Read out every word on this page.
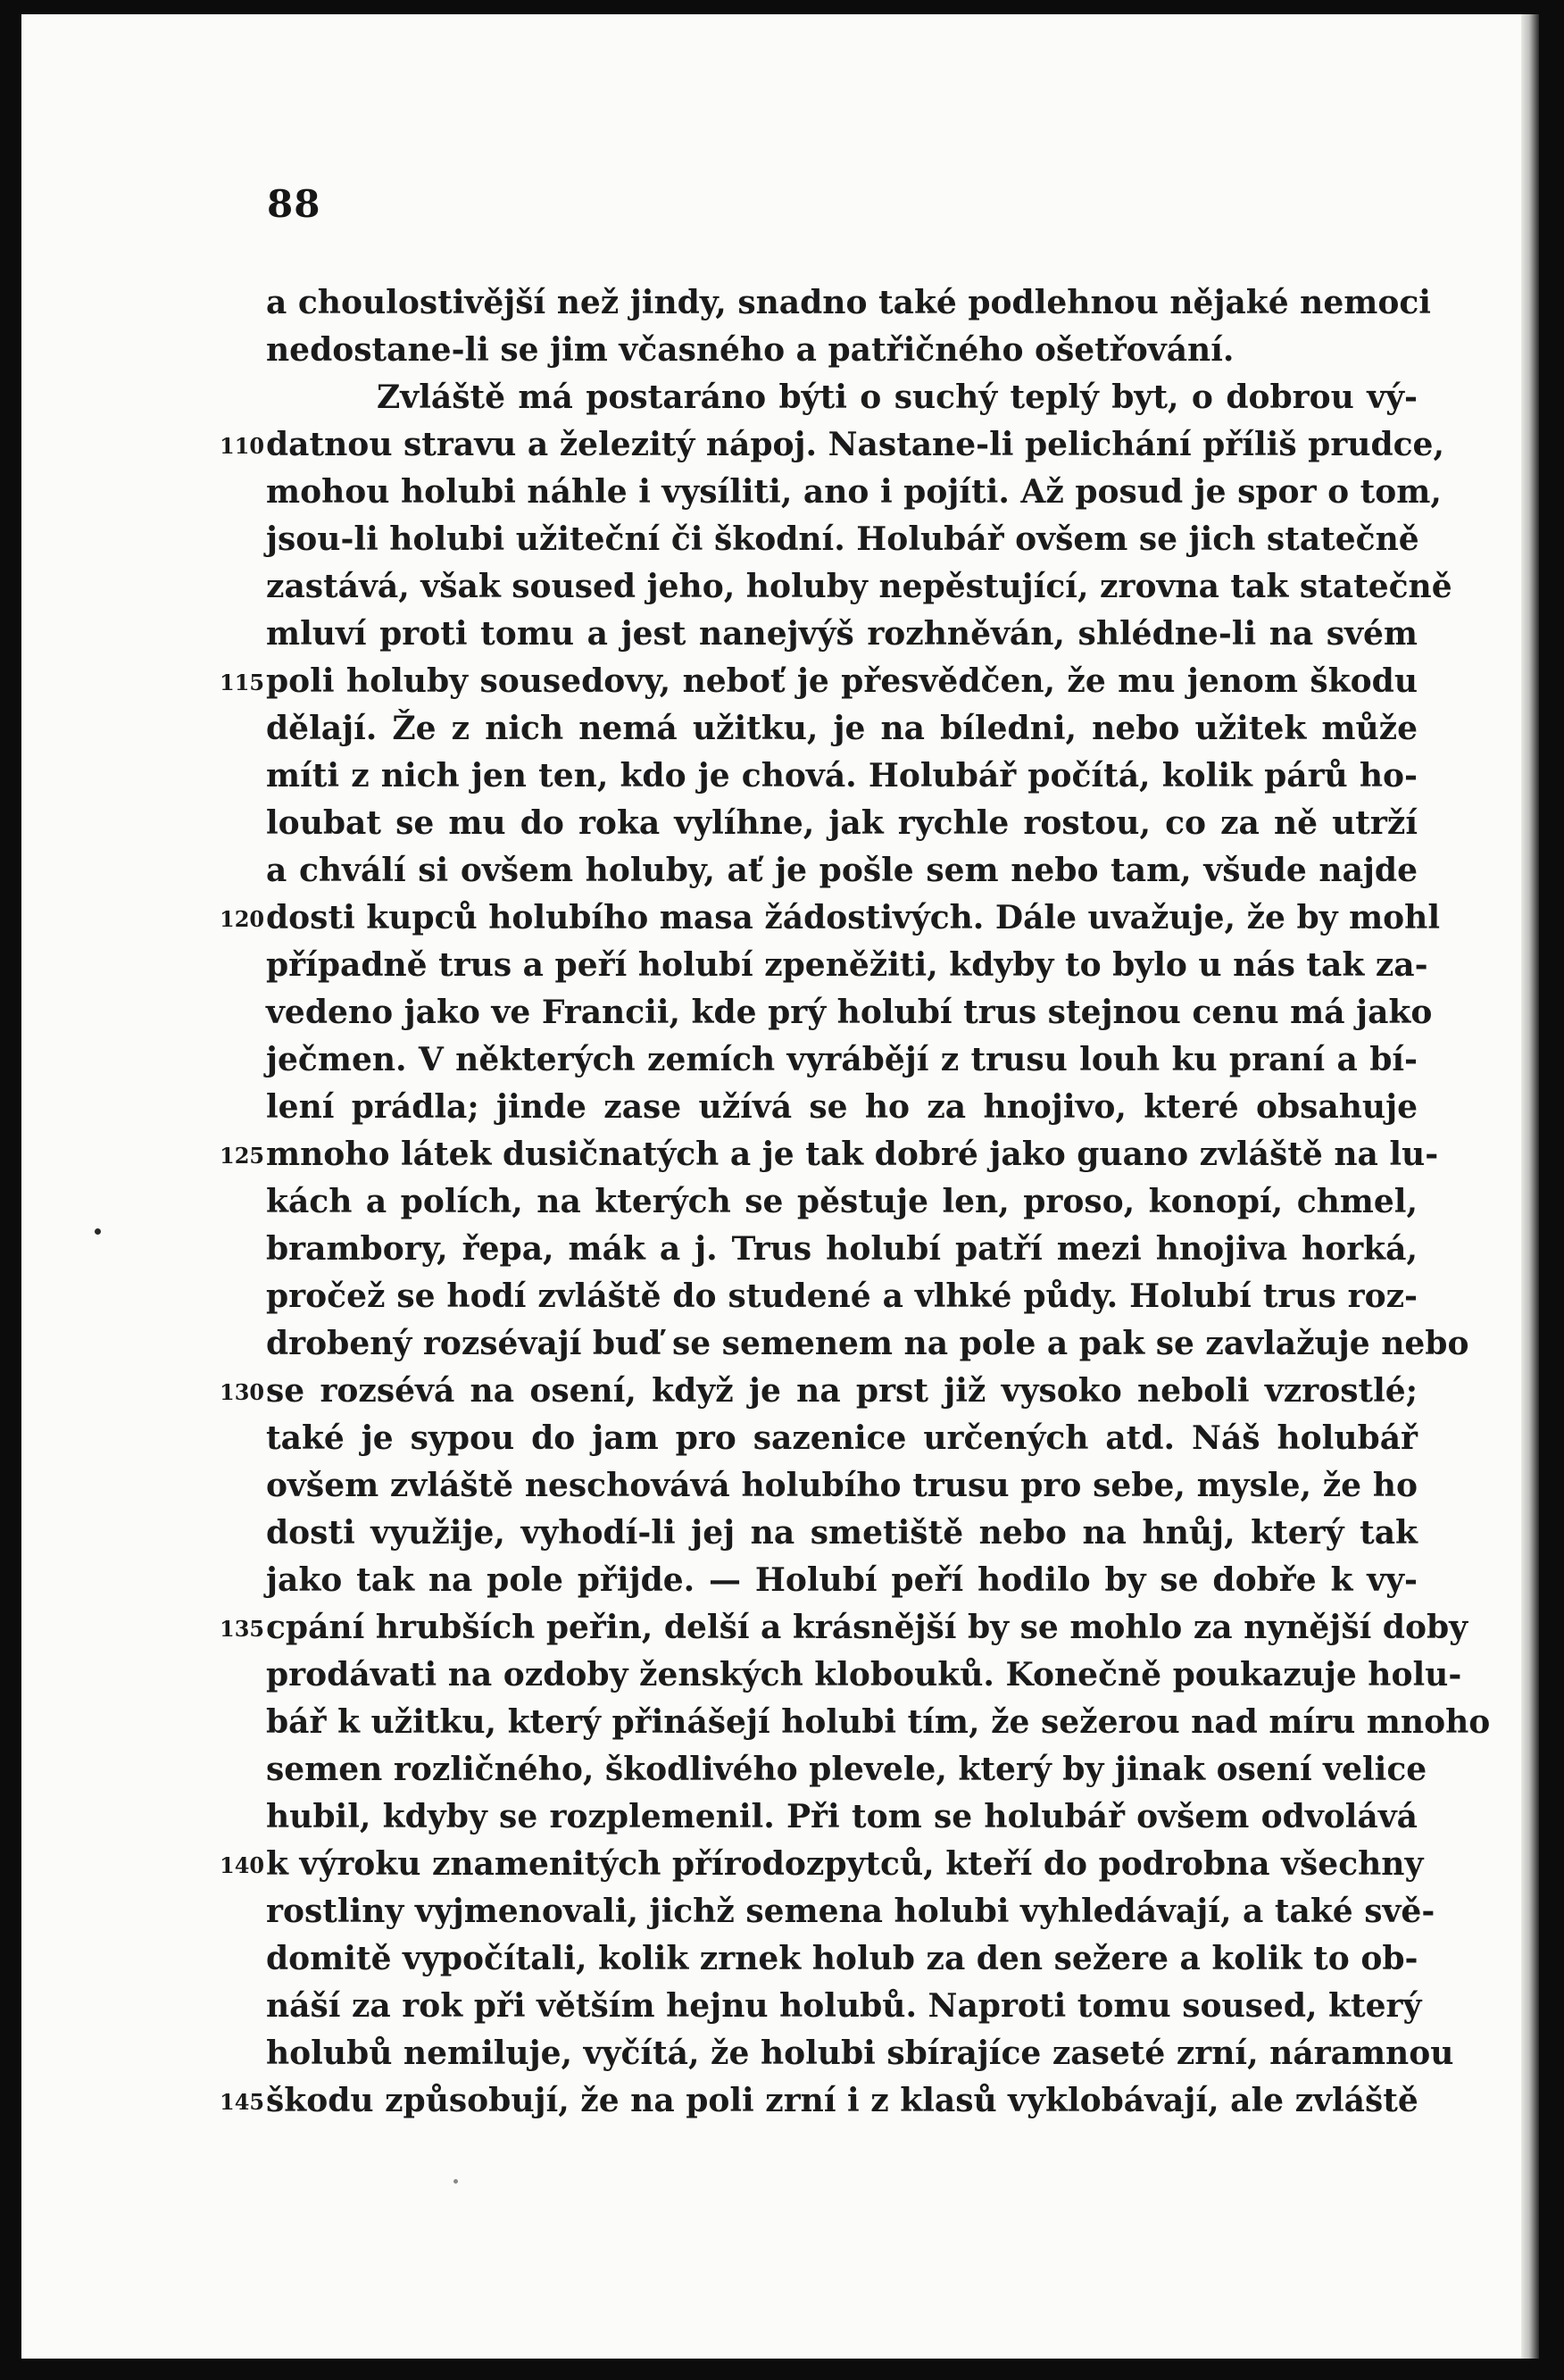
88
a choulostivější než jindy, snadno také podlehnou nějaké nemoci
nedostane-li se jim včasného a patřičného ošetřování.
Zvláště má postaráno býti o suchý teplý byt, o dobrou vý-
datnou stravu a železitý nápoj. Nastane-li pelichání příliš prudce,
mohou holubi náhle i vysíliti, ano i pojíti. Až posud je spor o tom,
jsou-li holubi užiteční či škodní. Holubář ovšem se jich statečně
zastává, však soused jeho, holuby nepěstující, zrovna tak statečně
mluví proti tomu a jest nanejvýš rozhněván, shlédne-li na svém
poli holuby sousedovy, neboť je přesvědčen, že mu jenom škodu
dělají. Že z nich nemá užitku, je na bíledni, nebo užitek může
míti z nich jen ten, kdo je chová. Holubář počítá, kolik párů ho-
loubat se mu do roka vylíhne, jak rychle rostou, co za ně utrží
a chválí si ovšem holuby, ať je pošle sem nebo tam, všude najde
dosti kupců holubího masa žádostivých. Dále uvažuje, že by mohl
případně trus a peří holubí zpeněžiti, kdyby to bylo u nás tak za-
vedeno jako ve Francii, kde prý holubí trus stejnou cenu má jako
ječmen. V některých zemích vyrábějí z trusu louh ku praní a bí-
lení prádla; jinde zase užívá se ho za hnojivo, které obsahuje
mnoho látek dusičnatých a je tak dobré jako guano zvláště na lu-
kách a polích, na kterých se pěstuje len, proso, konopí, chmel,
brambory, řepa, mák a j. Trus holubí patří mezi hnojiva horká,
pročež se hodí zvláště do studené a vlhké půdy. Holubí trus roz-
drobený rozsévají buď se semenem na pole a pak se zavlažuje nebo
se rozsévá na osení, když je na prst již vysoko neboli vzrostlé;
také je sypou do jam pro sazenice určených atd. Náš holubář
ovšem zvláště neschovává holubího trusu pro sebe, mysle, že ho
dosti využije, vyhodí-li jej na smetiště nebo na hnůj, který tak
jako tak na pole přijde. — Holubí peří hodilo by se dobře k vy-
cpání hrubších peřin, delší a krásnější by se mohlo za nynější doby
prodávati na ozdoby ženských klobouků. Konečně poukazuje holu-
bář k užitku, který přinášejí holubi tím, že sežerou nad míru mnoho
semen rozličného, škodlivého plevele, který by jinak osení velice
hubil, kdyby se rozplemenil. Při tom se holubář ovšem odvolává
k výroku znamenitých přírodozpytců, kteří do podrobna všechny
rostliny vyjmenovali, jichž semena holubi vyhledávají, a také svě-
domitě vypočítali, kolik zrnek holub za den sežere a kolik to ob-
náší za rok při větším hejnu holubů. Naproti tomu soused, který
holubů nemiluje, vyčítá, že holubi sbírajíce zaseté zrní, náramnou
škodu způsobují, že na poli zrní i z klasů vyklobávají, ale zvláště
110
115
120
125
130
135
140
145
